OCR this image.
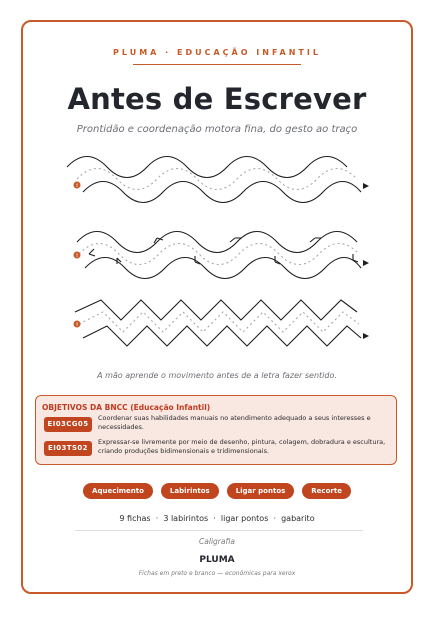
PLUMA · EDUCAÇÃO INFANTIL
Antes de Escrever
Prontidão e coordenação motora fina, do gesto ao traço
!
!
!
A mão aprende o movimento antes de a letra fazer sentido.
OBJETIVOS DA BNCC (Educação Infantil)
EI03CG05
Coordenar suas habilidades manuais no atendimento adequado a seus interesses e necessidades.
EI03TS02
Expressar-se livremente por meio de desenho, pintura, colagem, dobradura e escultura, criando produções bidimensionais e tridimensionais.
Aquecimento	Labirintos	Ligar pontos	Recorte
9 fichas  ·  3 labirintos  ·  ligar pontos  ·  gabarito
Caligrafia
PLUMA
Fichas em preto e branco — econômicas para xerox
